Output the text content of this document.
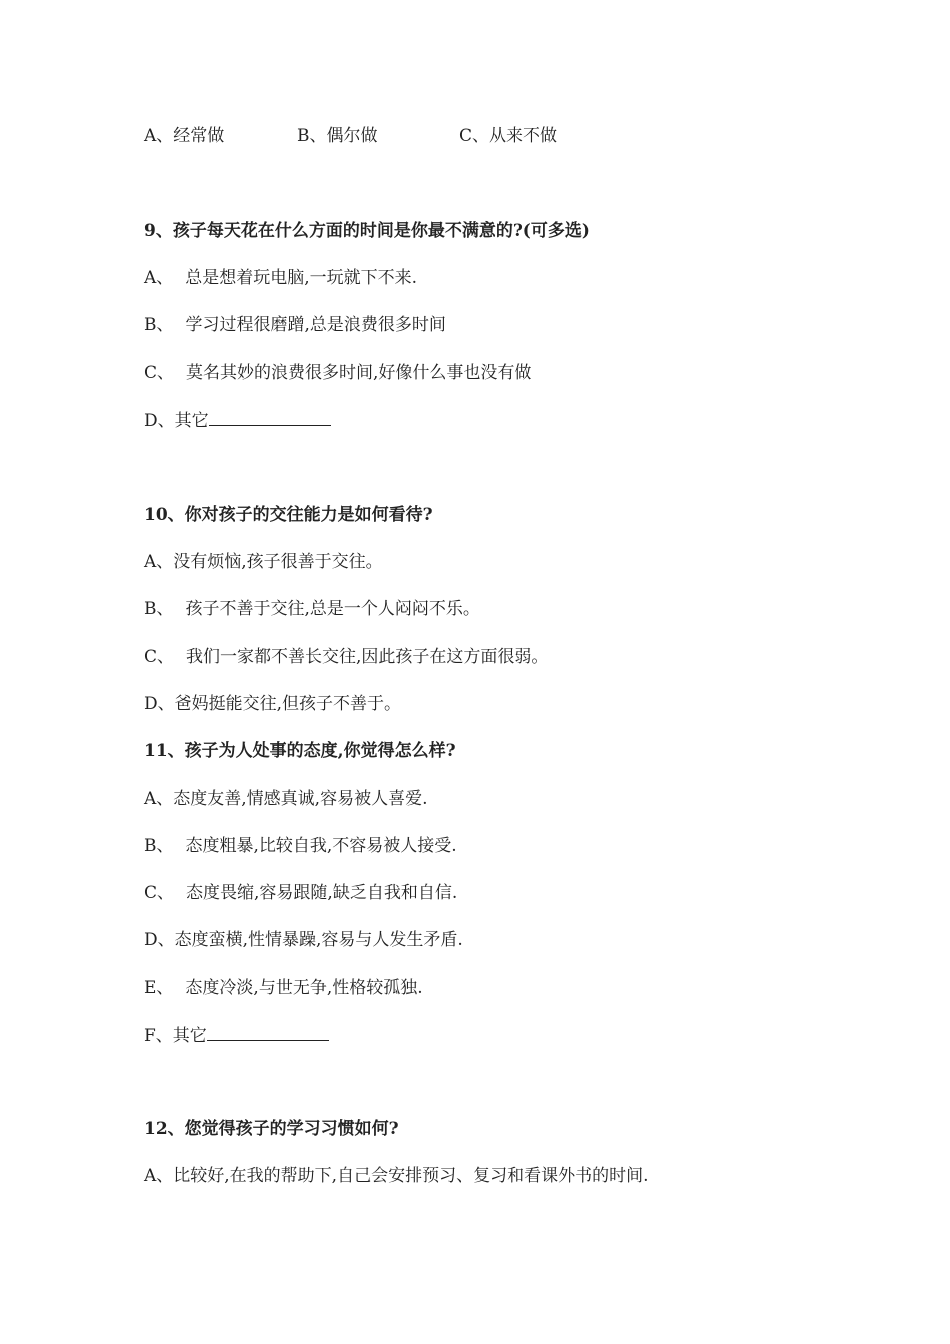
A、经常做	B、偶尔做	C、从来不做
9、孩子每天花在什么方面的时间是你最不满意的?(可多选)
A、 总是想着玩电脑,一玩就下不来.
B、 学习过程很磨蹭,总是浪费很多时间
C、 莫名其妙的浪费很多时间,好像什么事也没有做
D、其它
10、你对孩子的交往能力是如何看待?
A、没有烦恼,孩子很善于交往。
B、 孩子不善于交往,总是一个人闷闷不乐。
C、 我们一家都不善长交往,因此孩子在这方面很弱。
D、爸妈挺能交往,但孩子不善于。
11、孩子为人处事的态度,你觉得怎么样?
A、态度友善,情感真诚,容易被人喜爱.
B、 态度粗暴,比较自我,不容易被人接受.
C、 态度畏缩,容易跟随,缺乏自我和自信.
D、态度蛮横,性情暴躁,容易与人发生矛盾.
E、 态度冷淡,与世无争,性格较孤独.
F、其它
12、您觉得孩子的学习习惯如何?
A、比较好,在我的帮助下,自己会安排预习、复习和看课外书的时间.
